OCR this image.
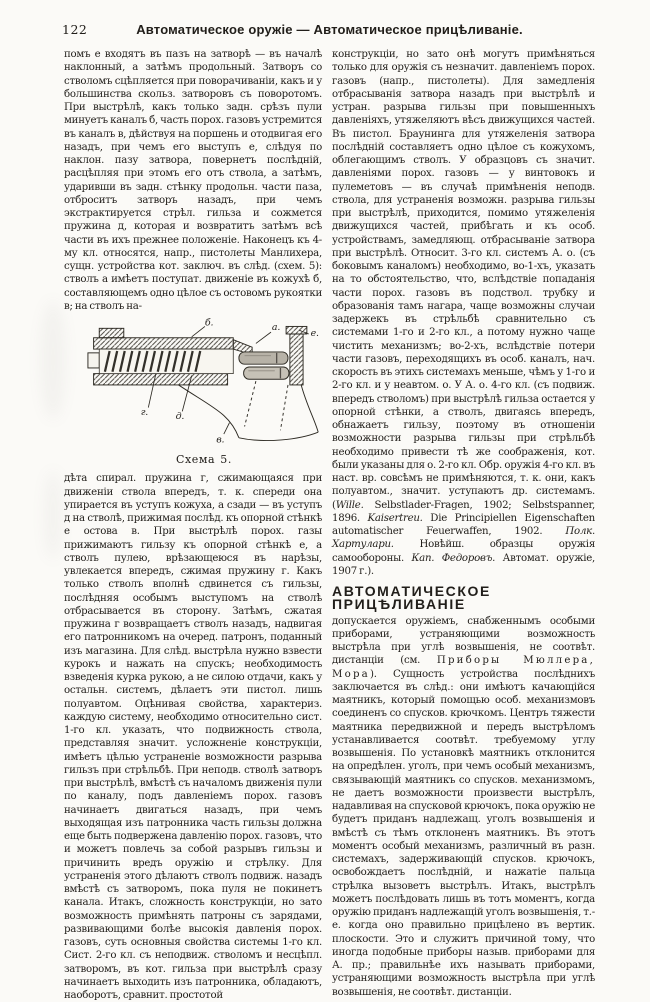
122	Автоматическое оружіе — Автоматическое прицѣливаніе.

помъ е входятъ въ пазъ на затворѣ — въ началѣ наклонный, а затѣмъ продольный. Затворъ со стволомъ сцѣпляется при поворачиваніи, какъ и у большинства скольз. затворовъ съ поворотомъ. При выстрѣлѣ, какъ только задн. срѣзъ пули минуетъ каналъ б, часть порох. газовъ устремится въ каналъ в, дѣйствуя на поршень и отодвигая его назадъ, при чемъ его выступъ е, слѣдуя по наклон. пазу затвора, повернетъ послѣдній, расцѣпляя при этомъ его отъ ствола, а затѣмъ, ударивши въ задн. стѣнку продольн. части паза, отброситъ затворъ назадъ, при чемъ экстрактируется стрѣл. гильза и сожмется пружина д, которая и возвратитъ затѣмъ всѣ части въ ихъ прежнее положеніе. Наконецъ къ 4-му кл. относятся, напр., пистолеты Манлихера, сущн. устройства кот. заключ. въ слѣд. (схем. 5): стволъ а имѣетъ поступат. движеніе въ кожухѣ б, составляющемъ одно цѣлое съ остовомъ рукоятки в; на стволъ на-

б.	а.
е.
г.	д.
в.
Схема 5.

дѣта спирал. пружина г, сжимающаяся при движеніи ствола впередъ, т. к. спереди она упирается въ уступъ кожуха, а сзади — въ уступъ д на стволѣ, прижимая послѣд. къ опорной стѣнкѣ е остова в. При выстрѣлѣ порох. газы прижимаютъ гильзу къ опорной стѣнкѣ е, а стволъ пулею, врѣзающеюся въ нарѣзы, увлекается впередъ, сжимая пружину г. Какъ только стволъ вполнѣ сдвинется съ гильзы, послѣдняя особымъ выступомъ на стволѣ отбрасывается въ сторону. Затѣмъ, сжатая пружина г возвращаетъ стволъ назадъ, надвигая его патронникомъ на очеред. патронъ, поданный изъ магазина. Для слѣд. выстрѣла нужно взвести курокъ и нажать на спускъ; необходимость взведенія курка рукою, а не силою отдачи, какъ у остальн. системъ, дѣлаетъ эти пистол. лишь полуавтом. Оцѣнивая свойства, характериз. каждую систему, необходимо относительно сист. 1-го кл. указать, что подвижность ствола, представляя значит. усложненіе конструкціи, имѣетъ цѣлью устраненіе возможности разрыва гильзъ при стрѣльбѣ. При неподв. стволѣ затворъ при выстрѣлѣ, вмѣстѣ съ началомъ движенія пули по каналу, подъ давленіемъ порох. газовъ начинаетъ двигаться назадъ, при чемъ выходящая изъ патронника часть гильзы должна еще быть подвержена давленію порох. газовъ, что и можетъ повлечь за собой разрывъ гильзы и причинить вредъ оружію и стрѣлку. Для устраненія этого дѣлаютъ стволъ подвиж. назадъ вмѣстѣ съ затворомъ, пока пуля не покинетъ канала. Итакъ, сложность конструкціи, но зато возможность примѣнять патроны съ зарядами, развивающими болѣе высокія давленія порох. газовъ, суть основныя свойства системы 1-го кл. Сист. 2-го кл. съ неподвиж. стволомъ и несцѣпл. затворомъ, въ кот. гильза при выстрѣлѣ сразу начинаетъ выходить изъ патронника, обладаютъ, наоборотъ, сравнит. простотой

конструкціи, но зато онѣ могутъ примѣняться только для оружія съ незначит. давленіемъ порох. газовъ (напр., пистолеты). Для замедленія отбрасыванія затвора назадъ при выстрѣлѣ и устран. разрыва гильзы при повышенныхъ давленіяхъ, утяжеляютъ вѣсъ движущихся частей. Въ пистол. Браунинга для утяжеленія затвора послѣдній составляетъ одно цѣлое съ кожухомъ, облегающимъ стволъ. У образцовъ съ значит. давленіями порох. газовъ — у винтовокъ и пулеметовъ — въ случаѣ примѣненія неподв. ствола, для устраненія возможн. разрыва гильзы при выстрѣлѣ, приходится, помимо утяжеленія движущихся частей, прибѣгать и къ особ. устройствамъ, замедляющ. отбрасываніе затвора при выстрѣлѣ. Относит. 3-го кл. системъ А. о. (съ боковымъ каналомъ) необходимо, во-1-хъ, указать на то обстоятельство, что, вслѣдствіе попаданія части порох. газовъ въ подствол. трубку и образованія тамъ нагара, чаще возможны случаи задержекъ въ стрѣльбѣ сравнительно съ системами 1-го и 2-го кл., а потому нужно чаще чистить механизмъ; во-2-хъ, вслѣдствіе потери части газовъ, переходящихъ въ особ. каналъ, нач. скорость въ этихъ системахъ меньше, чѣмъ у 1-го и 2-го кл. и у неавтом. о. У А. о. 4-го кл. (съ подвиж. впередъ стволомъ) при выстрѣлѣ гильза остается у опорной стѣнки, а стволъ, двигаясь впередъ, обнажаетъ гильзу, поэтому въ отношеніи возможности разрыва гильзы при стрѣльбѣ необходимо привести тѣ же соображенія, кот. были указаны для о. 2-го кл. Обр. оружія 4-го кл. въ наст. вр. совсѣмъ не примѣняются, т. к. они, какъ полуавтом., значит. уступаютъ др. системамъ. (Wille. Selbstlader-Fragen, 1902; Selbstspanner, 1896. Kaisertreu. Die Principiellen Eigenschaften automatischer Feuerwaffen, 1902. Полк. Хартулари. Новѣйш. образцы оружія самообороны. Кап. Федоровъ. Автомат. оружіе, 1907 г.).

АВТОМАТИЧЕСКОЕ ПРИЦѢЛИВАНІЕ

допускается оружіемъ, снабженнымъ особыми приборами, устраняющими возможность выстрѣла при углѣ возвышенія, не соотвѣт. дистанціи (см. Приборы Мюллера, Мора). Сущность устройства послѣднихъ заключается въ слѣд.: они имѣютъ качающійся маятникъ, который помощью особ. механизмовъ соединенъ со спусков. крючкомъ. Центръ тяжести маятника передвижной и передъ выстрѣломъ устанавливается соотвѣт. требуемому углу возвышенія. По установкѣ маятникъ отклонится на опредѣлен. уголъ, при чемъ особый механизмъ, связывающій маятникъ со спусков. механизмомъ, не даетъ возможности произвести выстрѣлъ, надавливая на спусковой крючокъ, пока оружію не будетъ приданъ надлежащ. уголъ возвышенія и вмѣстѣ съ тѣмъ отклоненъ маятникъ. Въ этотъ моментъ особый механизмъ, различный въ разн. системахъ, задерживающій спусков. крючокъ, освобождаетъ послѣдній, и нажатіе пальца стрѣлка вызоветъ выстрѣлъ. Итакъ, выстрѣлъ можетъ послѣдовать лишь въ тотъ моментъ, когда оружію приданъ надлежащій уголъ возвышенія, т.-е. когда оно правильно прицѣлено въ вертик. плоскости. Это и служитъ причиной тому, что иногда подобные приборы назыв. приборами для А. пр.; правильнѣе ихъ называть приборами, устраняющими возможность выстрѣла при углѣ возвышенія, не соотвѣт. дистанціи.
